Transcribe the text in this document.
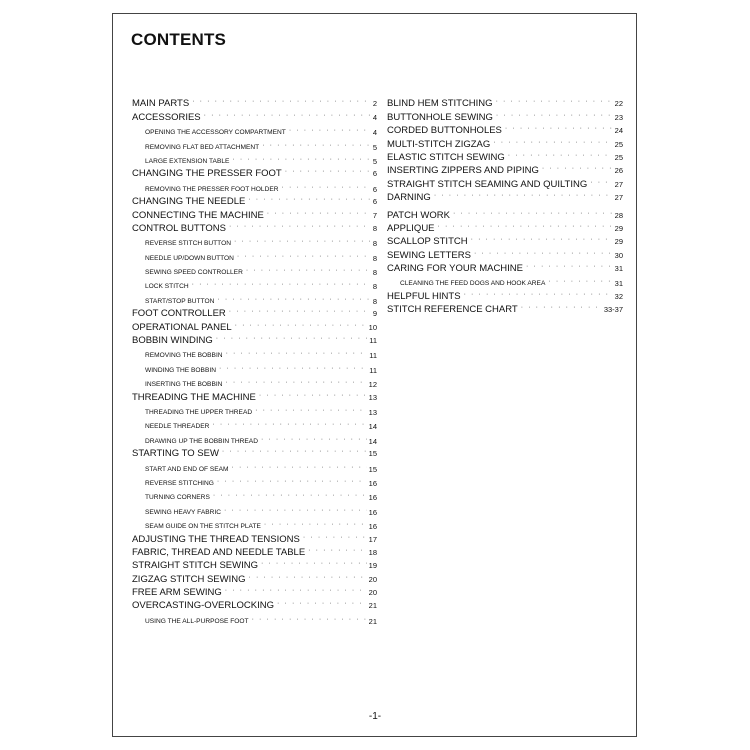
CONTENTS
MAIN PARTS · · ·	2
ACCESSORIES · · ·	4
OPENING THE ACCESSORY COMPARTMENT · · ·	4
REMOVING FLAT BED ATTACHMENT · · ·	5
LARGE EXTENSION TABLE · · ·	5
CHANGING THE PRESSER FOOT · · ·	6
REMOVING THE PRESSER FOOT HOLDER · · ·	6
CHANGING THE NEEDLE · · ·	6
CONNECTING THE MACHINE · · ·	7
CONTROL BUTTONS · · ·	8
REVERSE STITCH BUTTON · · ·	8
NEEDLE UP/DOWN BUTTON · · ·	8
SEWING SPEED CONTROLLER · · ·	8
LOCK STITCH · · ·	8
START/STOP BUTTON · · ·	8
FOOT CONTROLLER · · ·	9
OPERATIONAL PANEL · · ·	10
BOBBIN WINDING · · ·	11
REMOVING THE BOBBIN · · ·	11
WINDING THE BOBBIN · · ·	11
INSERTING THE BOBBIN · · ·	12
THREADING THE MACHINE · · ·	13
THREADING THE UPPER THREAD · · ·	13
NEEDLE THREADER · · ·	14
DRAWING UP THE BOBBIN THREAD · · ·	14
STARTING TO SEW · · ·	15
START AND END OF SEAM · · ·	15
REVERSE STITCHING · · ·	16
TURNING CORNERS · · ·	16
SEWING HEAVY FABRIC · · ·	16
SEAM GUIDE ON THE STITCH PLATE · · ·	16
ADJUSTING THE THREAD TENSIONS · · ·	17
FABRIC, THREAD AND NEEDLE TABLE · · ·	18
STRAIGHT STITCH SEWING · · ·	19
ZIGZAG STITCH SEWING · · ·	20
FREE ARM SEWING · · ·	20
OVERCASTING-OVERLOCKING · · ·	21
USING THE ALL-PURPOSE FOOT · · ·	21
BLIND HEM STITCHING · · ·	22
BUTTONHOLE SEWING · · ·	23
CORDED BUTTONHOLES · · ·	24
MULTI-STITCH ZIGZAG · · ·	25
ELASTIC STITCH SEWING · · ·	25
INSERTING ZIPPERS AND PIPING · · ·	26
STRAIGHT STITCH SEAMING AND QUILTING · · ·	27
DARNING · · ·	27
PATCH WORK · · ·	28
APPLIQUE · · ·	29
SCALLOP STITCH · · ·	29
SEWING LETTERS · · ·	30
CARING FOR YOUR MACHINE · · ·	31
CLEANING THE FEED DOGS AND HOOK AREA · · ·	31
HELPFUL HINTS · · ·	32
STITCH REFERENCE CHART · · ·	33-37
-1-
